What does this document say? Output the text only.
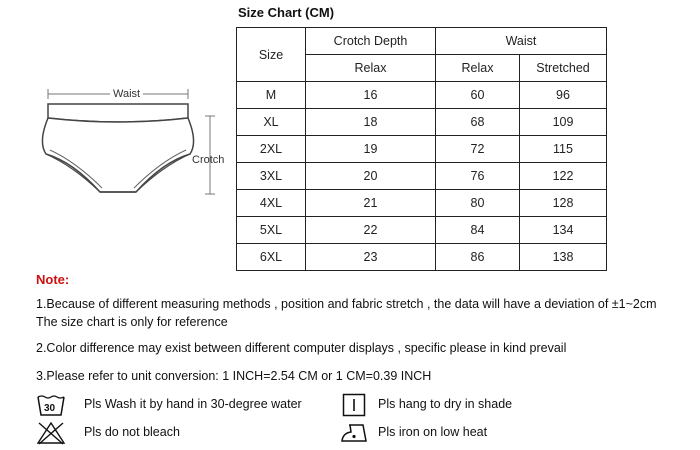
Size Chart (CM)
Waist
Crotch
Size	Crotch Depth	Waist	
	Relax	Relax	Stretched
M	16	60	96
XL	18	68	109
2XL	19	72	115
3XL	20	76	122
4XL	21	80	128
5XL	22	84	134
6XL	23	86	138
Note:
1.Because of different measuring methods , position and fabric stretch , the data will have a deviation of ±1~2cm
The size chart is only for reference
2.Color difference may exist between different computer displays , specific please in kind prevail
3.Please refer to unit conversion: 1 INCH=2.54 CM or 1 CM=0.39 INCH
30 Pls Wash it by hand in 30-degree water	Pls hang to dry in shade
Pls do not bleach	Pls iron on low heat
